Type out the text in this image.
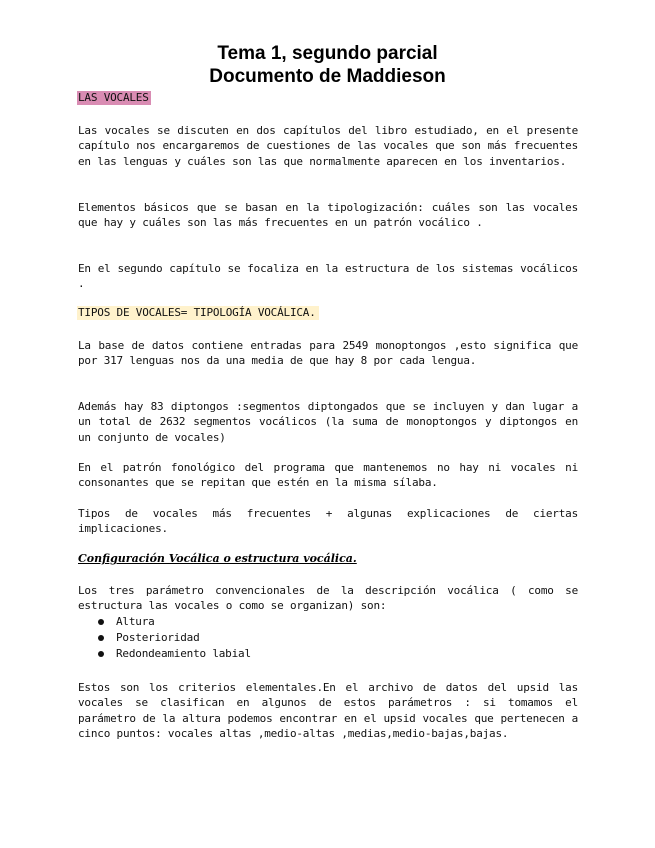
Tema 1, segundo parcial
Documento de Maddieson
LAS VOCALES

Las vocales se discuten en dos capítulos del libro estudiado, en el presente capítulo nos encargaremos de cuestiones de las vocales que son más frecuentes en las lenguas y cuáles son las que normalmente aparecen en los inventarios.

Elementos básicos que se basan en la tipologización: cuáles son las vocales que hay y cuáles son las más frecuentes en un patrón vocálico .

En el segundo capítulo se focaliza en la estructura de los sistemas vocálicos .

TIPOS DE VOCALES= TIPOLOGÍA VOCÁLICA.

La base de datos contiene entradas para 2549 monoptongos ,esto significa que por 317 lenguas nos da una media de que hay 8 por cada lengua.

Además hay 83 diptongos :segmentos diptongados que se incluyen y dan lugar a un total de 2632 segmentos vocálicos (la suma de monoptongos y diptongos en un conjunto de vocales)

En el patrón fonológico del programa que mantenemos no hay ni vocales ni consonantes que se repitan que estén en la misma sílaba.

Tipos de vocales más frecuentes + algunas explicaciones de ciertas implicaciones.

Configuración Vocálica o estructura vocálica.

Los tres parámetro convencionales de la descripción vocálica ( como se estructura las vocales o como se organizan) son:

Altura
Posterioridad
Redondeamiento labial

Estos son los criterios elementales.En el archivo de datos del upsid las vocales se clasifican en algunos de estos parámetros : si tomamos el parámetro de la altura podemos encontrar en el upsid vocales que pertenecen a cinco puntos: vocales altas ,medio-altas ,medias,medio-bajas,bajas.
